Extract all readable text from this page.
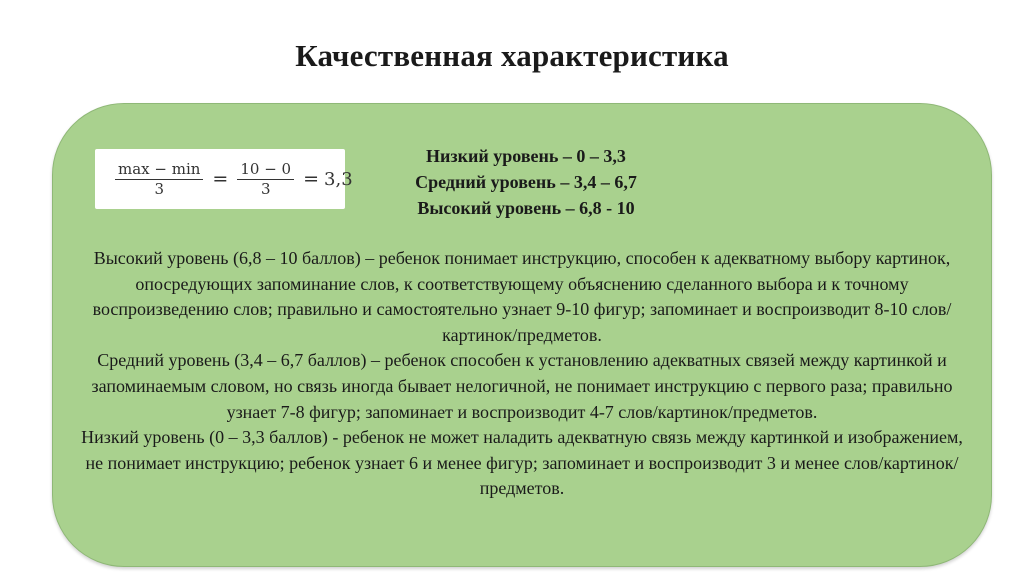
Качественная характеристика
$\frac{\max - \min}{3} = \frac{10 - 0}{3} = 3,3$
Низкий уровень – 0 – 3,3
Средний уровень – 3,4 – 6,7
Высокий уровень – 6,8 - 10

Высокий уровень (6,8 – 10 баллов) – ребенок понимает инструкцию, способен к адекватному выбору картинок, опосредующих запоминание слов, к соответствующему объяснению сделанного выбора и к точному воспроизведению слов; правильно и самостоятельно узнает 9-10 фигур; запоминает и воспроизводит 8-10 слов/картинок/предметов.

Средний уровень (3,4 – 6,7 баллов) – ребенок способен к установлению адекватных связей между картинкой и запоминаемым словом, но связь иногда бывает нелогичной, не понимает инструкцию с первого раза; правильно узнает 7-8 фигур; запоминает и воспроизводит 4-7 слов/картинок/предметов.

Низкий уровень (0 – 3,3 баллов) - ребенок не может наладить адекватную связь между картинкой и изображением, не понимает инструкцию; ребенок узнает 6 и менее фигур; запоминает и воспроизводит 3 и менее слов/картинок/предметов.
